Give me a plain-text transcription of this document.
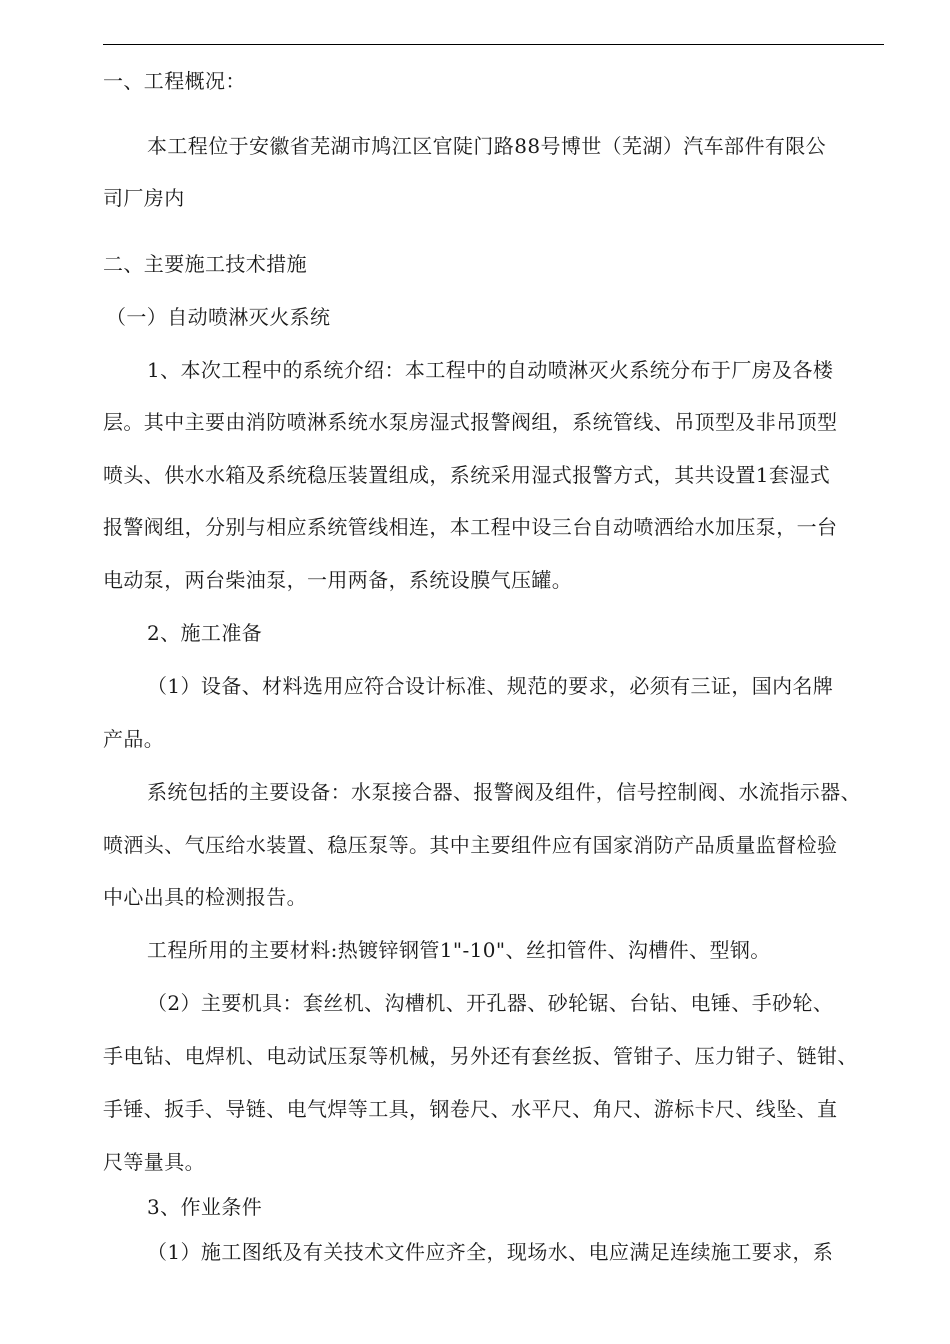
一、工程概况：
本工程位于安徽省芜湖市鸠江区官陡门路88号博世（芜湖）汽车部件有限公
司厂房内
二、主要施工技术措施
（一）自动喷淋灭火系统
1、本次工程中的系统介绍：本工程中的自动喷淋灭火系统分布于厂房及各楼
层。其中主要由消防喷淋系统水泵房湿式报警阀组，系统管线、吊顶型及非吊顶型
喷头、供水水箱及系统稳压装置组成，系统采用湿式报警方式，其共设置1套湿式
报警阀组，分别与相应系统管线相连，本工程中设三台自动喷洒给水加压泵，一台
电动泵，两台柴油泵，一用两备，系统设膜气压罐。
2、施工准备
（1）设备、材料选用应符合设计标准、规范的要求，必须有三证，国内名牌
产品。
系统包括的主要设备：水泵接合器、报警阀及组件，信号控制阀、水流指示器、
喷洒头、气压给水装置、稳压泵等。其中主要组件应有国家消防产品质量监督检验
中心出具的检测报告。
工程所用的主要材料:热镀锌钢管1"-10"、丝扣管件、沟槽件、型钢。
（2）主要机具：套丝机、沟槽机、开孔器、砂轮锯、台钻、电锤、手砂轮、
手电钻、电焊机、电动试压泵等机械，另外还有套丝扳、管钳子、压力钳子、链钳、
手锤、扳手、导链、电气焊等工具，钢卷尺、水平尺、角尺、游标卡尺、线坠、直
尺等量具。
3、作业条件
（1）施工图纸及有关技术文件应齐全，现场水、电应满足连续施工要求，系
